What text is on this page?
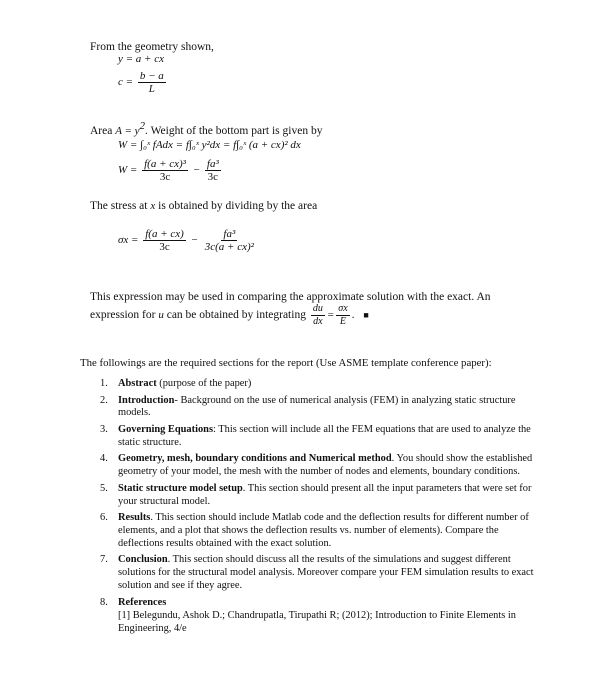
From the geometry shown,
y = a + cx
$c = \frac{b - a}{L}$
Area $A = y^2$. Weight of the bottom part is given by
W = ∫₀ˣ fAdx = f∫₀ˣ y²dx = f∫₀ˣ (a + cx)² dx
$W = \frac{\text{f(a + cx)³}}{3c} - \frac{\text{fa³}}{3c}$
The stress at x is obtained by dividing by the area
$\sigma x = \frac{f(a + cx)}{3c} - \frac{\text{fa³}}{\text{3c(a + cx)²}}$
This expression may be used in comparing the approximate solution with the exact. An
expression for u can be obtained by integrating $\frac{du}{dx} = \frac{\sigma x}{E}$ . ■
The followings are the required sections for the report (Use ASME template conference paper):
1. Abstract (purpose of the paper)
2. Introduction- Background on the use of numerical analysis (FEM) in analyzing static structure models.
3. Governing Equations: This section will include all the FEM equations that are used to analyze the static structure.
4. Geometry, mesh, boundary conditions and Numerical method. You should show the established geometry of your model, the mesh with the number of nodes and elements, boundary conditions.
5. Static structure model setup. This section should present all the input parameters that were set for your structural model.
6. Results. This section should include Matlab code and the deflection results for different number of elements, and a plot that shows the deflection results vs. number of elements). Compare the deflections results obtained with the exact solution.
7. Conclusion. This section should discuss all the results of the simulations and suggest different solutions for the structural model analysis. Moreover compare your FEM simulation results to exact solution and see if they agree.
8. References
[1] Belegundu, Ashok D.; Chandrupatla, Tirupathi R; (2012); Introduction to Finite Elements in Engineering, 4/e
